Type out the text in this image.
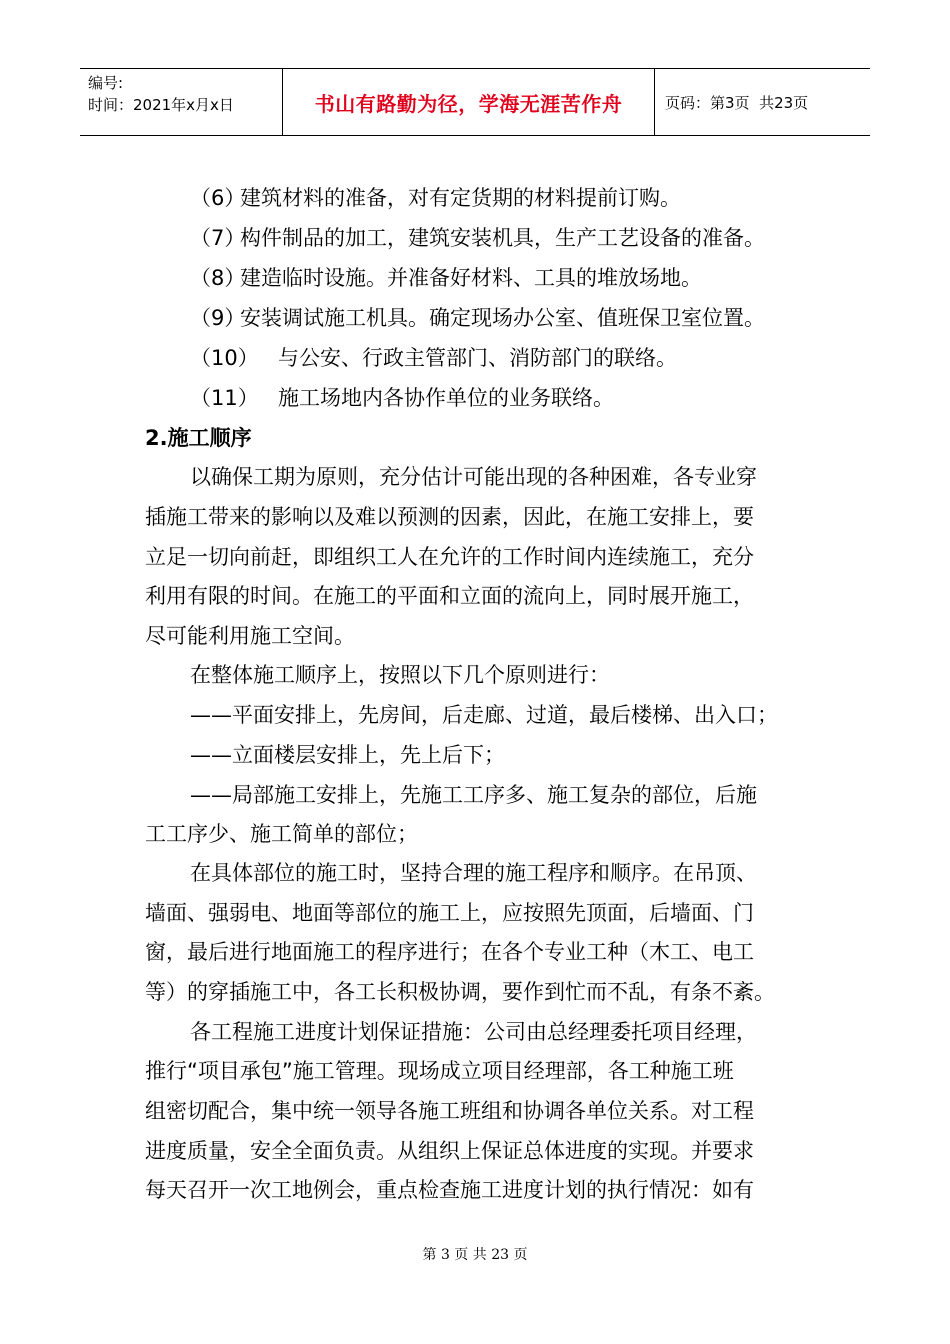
编号:
时间：2021年x月x日	书山有路勤为径，学海无涯苦作舟	页码：第3页  共23页
（6）建筑材料的准备，对有定货期的材料提前订购。
（7）构件制品的加工，建筑安装机具，生产工艺设备的准备。
（8）建造临时设施。并准备好材料、工具的堆放场地。
（9）安装调试施工机具。确定现场办公室、值班保卫室位置。
（10） 与公安、行政主管部门、消防部门的联络。
（11） 施工场地内各协作单位的业务联络。
2.施工顺序
以确保工期为原则，充分估计可能出现的各种困难，各专业穿
插施工带来的影响以及难以预测的因素，因此，在施工安排上，要
立足一切向前赶，即组织工人在允许的工作时间内连续施工，充分
利用有限的时间。在施工的平面和立面的流向上，同时展开施工，
尽可能利用施工空间。
在整体施工顺序上，按照以下几个原则进行：
——平面安排上，先房间，后走廊、过道，最后楼梯、出入口；
——立面楼层安排上，先上后下；
——局部施工安排上，先施工工序多、施工复杂的部位，后施
工工序少、施工简单的部位；
在具体部位的施工时，坚持合理的施工程序和顺序。在吊顶、
墙面、强弱电、地面等部位的施工上，应按照先顶面，后墙面、门
窗，最后进行地面施工的程序进行；在各个专业工种（木工、电工
等）的穿插施工中，各工长积极协调，要作到忙而不乱，有条不紊。
各工程施工进度计划保证措施：公司由总经理委托项目经理，
推行“项目承包”施工管理。现场成立项目经理部，各工种施工班
组密切配合，集中统一领导各施工班组和协调各单位关系。对工程
进度质量，安全全面负责。从组织上保证总体进度的实现。并要求
每天召开一次工地例会，重点检查施工进度计划的执行情况：如有
第 3 页 共 23 页
